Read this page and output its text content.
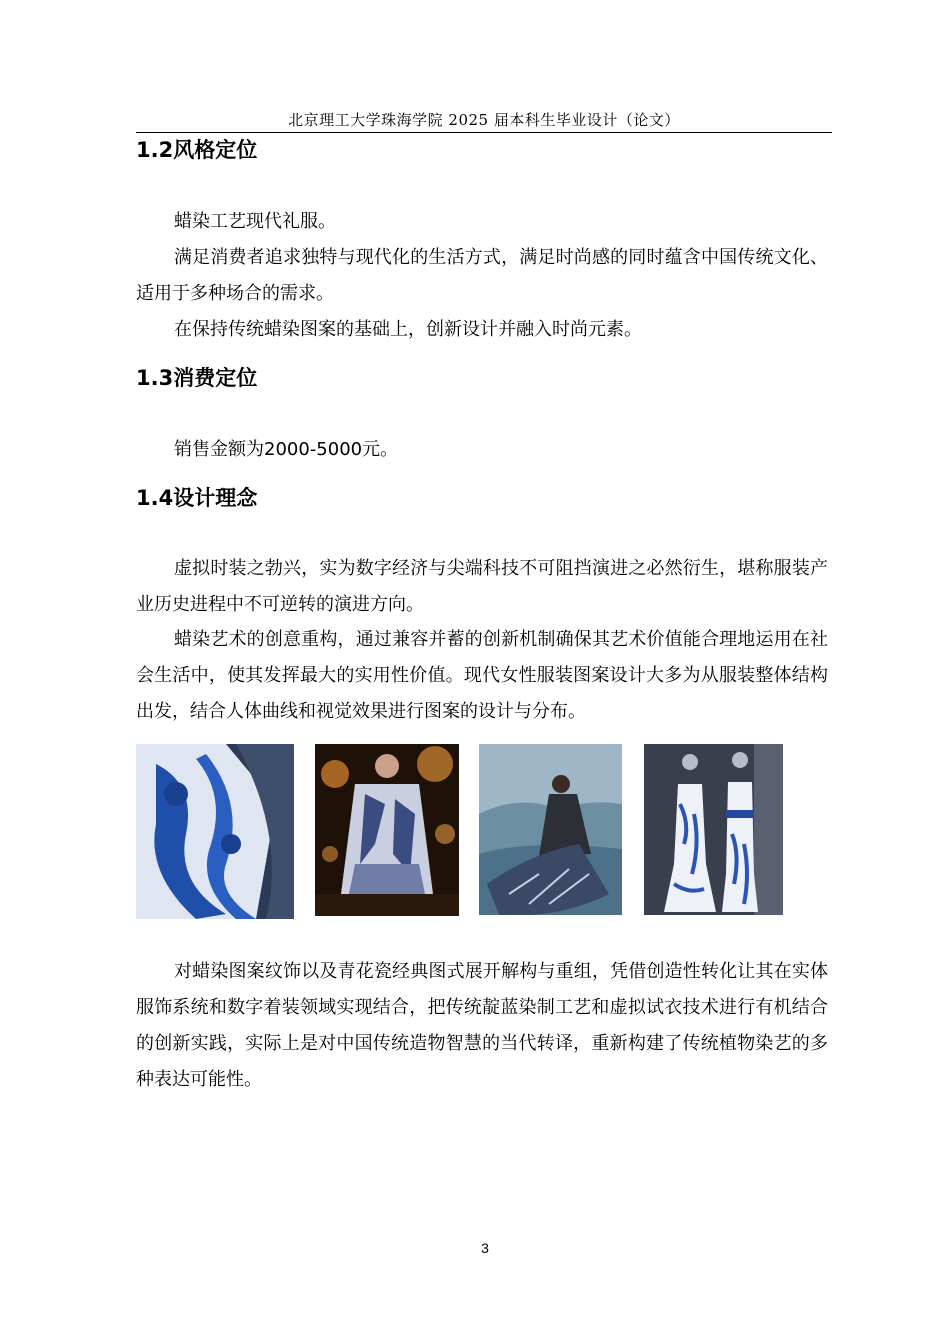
北京理工大学珠海学院 2025 届本科生毕业设计（论文）
1.2风格定位

蜡染工艺现代礼服。

满足消费者追求独特与现代化的生活方式，满足时尚感的同时蕴含中国传统文化、适用于多种场合的需求。

在保持传统蜡染图案的基础上，创新设计并融入时尚元素。

1.3消费定位

销售金额为2000-5000元。

1.4设计理念

虚拟时装之勃兴，实为数字经济与尖端科技不可阻挡演进之必然衍生，堪称服装产业历史进程中不可逆转的演进方向。

蜡染艺术的创意重构，通过兼容并蓄的创新机制确保其艺术价值能合理地运用在社会生活中，使其发挥最大的实用性价值。现代女性服装图案设计大多为从服装整体结构出发，结合人体曲线和视觉效果进行图案的设计与分布。

对蜡染图案纹饰以及青花瓷经典图式展开解构与重组，凭借创造性转化让其在实体服饰系统和数字着装领域实现结合，把传统靛蓝染制工艺和虚拟试衣技术进行有机结合的创新实践，实际上是对中国传统造物智慧的当代转译，重新构建了传统植物染艺的多种表达可能性。

3
